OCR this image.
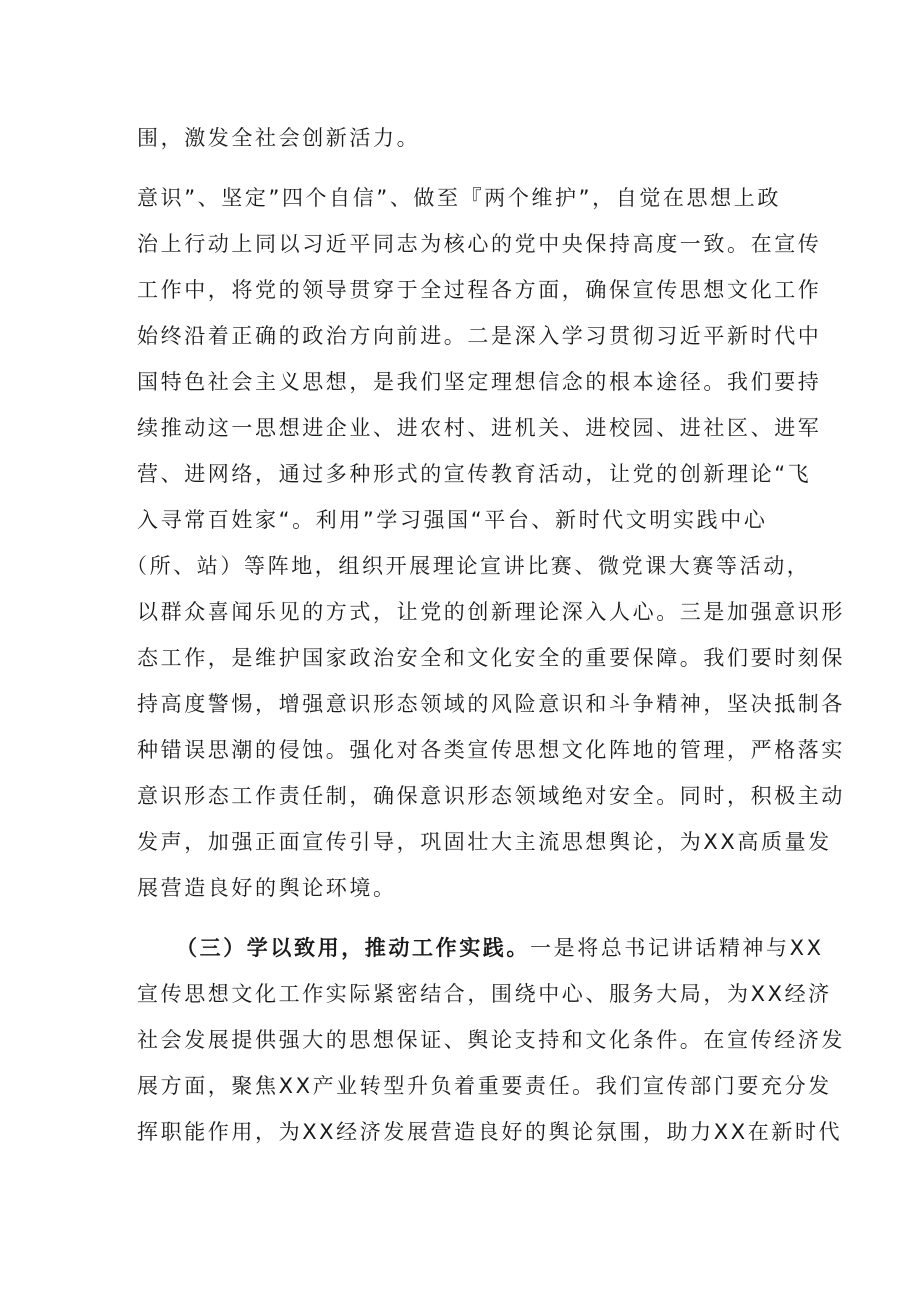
围，激发全社会创新活力。
意识”、坚定”四个自信”、做至『两个维护”，自觉在思想上政
治上行动上同以习近平同志为核心的党中央保持高度一致。在宣传
工作中，将党的领导贯穿于全过程各方面，确保宣传思想文化工作
始终沿着正确的政治方向前进。二是深入学习贯彻习近平新时代中
国特色社会主义思想，是我们坚定理想信念的根本途径。我们要持
续推动这一思想进企业、进农村、进机关、进校园、进社区、进军
营、进网络，通过多种形式的宣传教育活动，让党的创新理论“飞
入寻常百姓家“。利用”学习强国“平台、新时代文明实践中心
（所、站）等阵地，组织开展理论宣讲比赛、微党课大赛等活动，
以群众喜闻乐见的方式，让党的创新理论深入人心。三是加强意识形
态工作，是维护国家政治安全和文化安全的重要保障。我们要时刻保
持高度警惕，增强意识形态领域的风险意识和斗争精神，坚决抵制各
种错误思潮的侵蚀。强化对各类宣传思想文化阵地的管理，严格落实
意识形态工作责任制，确保意识形态领域绝对安全。同时，积极主动
发声，加强正面宣传引导，巩固壮大主流思想舆论，为XX高质量发
展营造良好的舆论环境。
（三）学以致用，推动工作实践。一是将总书记讲话精神与XX
宣传思想文化工作实际紧密结合，围绕中心、服务大局，为XX经济
社会发展提供强大的思想保证、舆论支持和文化条件。在宣传经济发
展方面，聚焦XX产业转型升负着重要责任。我们宣传部门要充分发
挥职能作用，为XX经济发展营造良好的舆论氛围，助力XX在新时代
